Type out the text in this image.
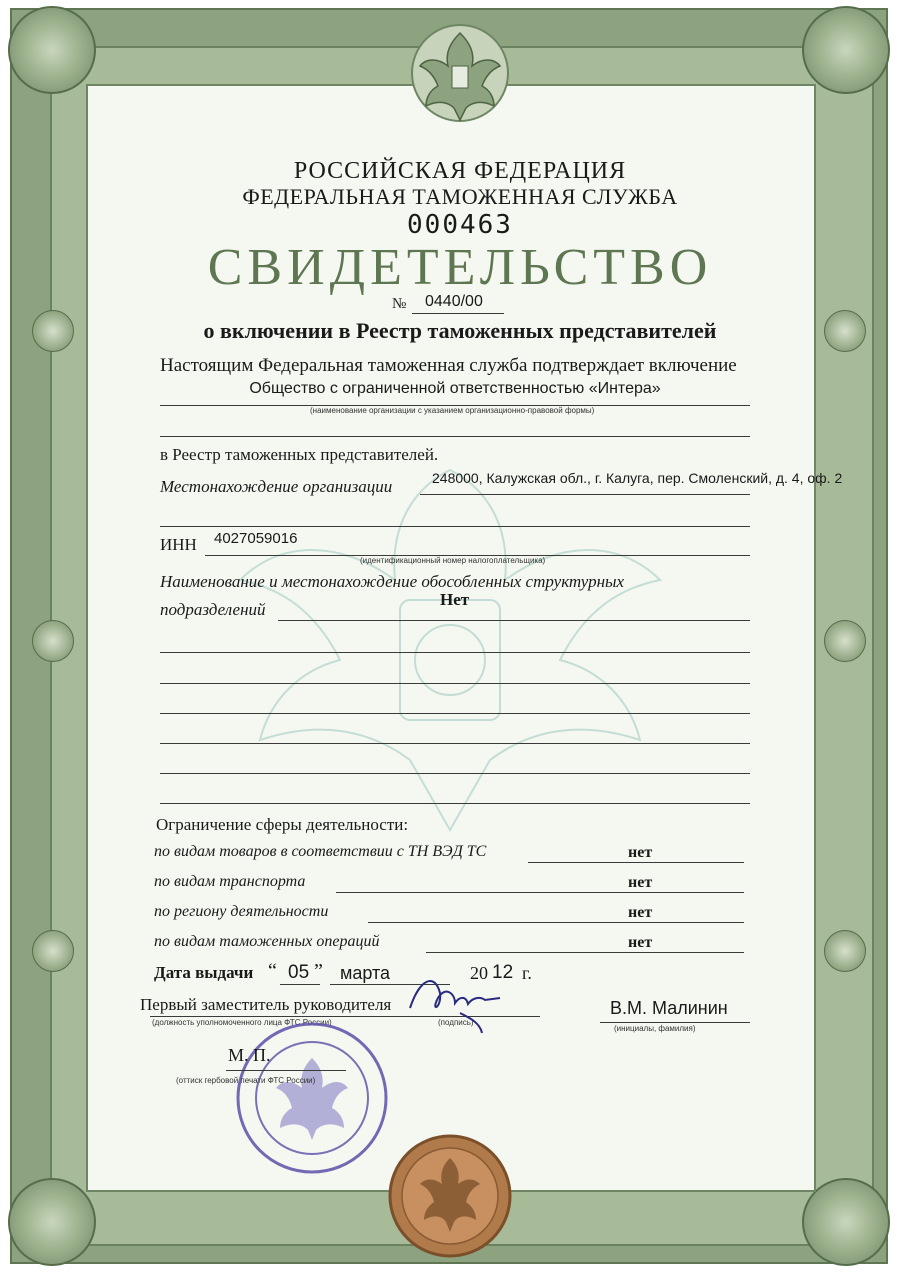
РОССИЙСКАЯ ФЕДЕРАЦИЯ
ФЕДЕРАЛЬНАЯ ТАМОЖЕННАЯ СЛУЖБА
000463
СВИДЕТЕЛЬСТВО
№ 0440/00
о включении в Реестр таможенных представителей
Настоящим Федеральная таможенная служба подтверждает включение
Общество с ограниченной ответственностью «Интера»
(наименование организации с указанием организационно-правовой формы)
в Реестр таможенных представителей.
Местонахождение организации	248000, Калужская обл., г. Калуга, пер. Смоленский, д. 4, оф. 2
ИНН 4027059016
(идентификационный номер налогоплательщика)
Наименование и местонахождение обособленных структурных
подразделений
Нет
Ограничение сферы деятельности:
по видам товаров в соответствии с ТН ВЭД ТС	нет
по видам транспорта	нет
по региону деятельности	нет
по видам таможенных операций	нет
Дата выдачи “ 05 ” марта	20 12 г.
Первый заместитель руководителя
(должность уполномоченного лица ФТС России)	(подпись)
В.М. Малинин
(инициалы, фамилия)
М. П.
(оттиск гербовой печати ФТС России)
